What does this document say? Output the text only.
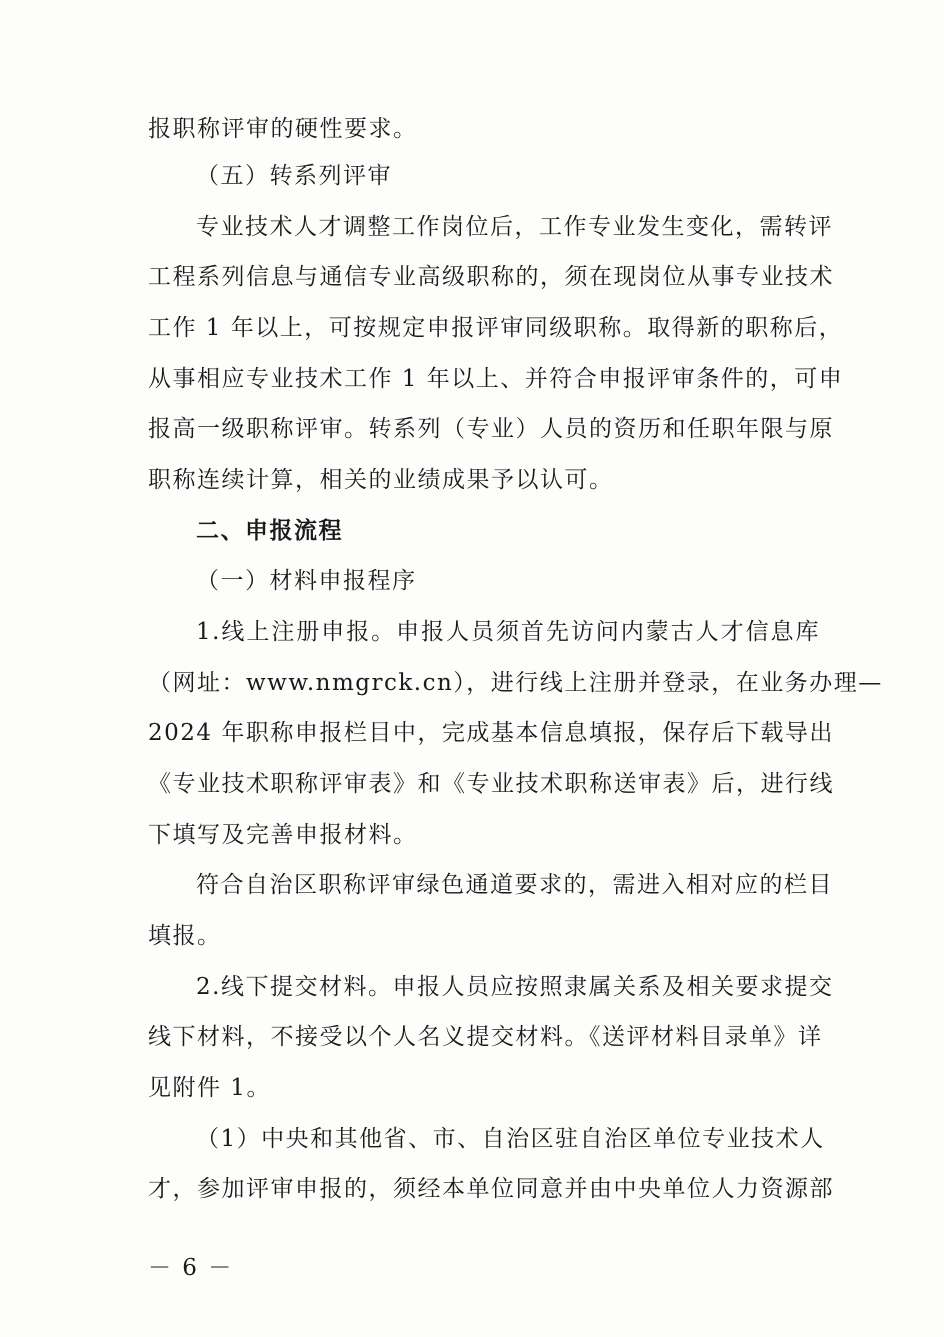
报职称评审的硬性要求。
（五）转系列评审
专业技术人才调整工作岗位后，工作专业发生变化，需转评
工程系列信息与通信专业高级职称的，须在现岗位从事专业技术
工作 1 年以上，可按规定申报评审同级职称。取得新的职称后，
从事相应专业技术工作 1 年以上、并符合申报评审条件的，可申
报高一级职称评审。转系列（专业）人员的资历和任职年限与原
职称连续计算，相关的业绩成果予以认可。
二、申报流程
（一）材料申报程序
1.线上注册申报。申报人员须首先访问内蒙古人才信息库
（网址：www.nmgrck.cn），进行线上注册并登录，在业务办理—
2024 年职称申报栏目中，完成基本信息填报，保存后下载导出
《专业技术职称评审表》和《专业技术职称送审表》后，进行线
下填写及完善申报材料。
符合自治区职称评审绿色通道要求的，需进入相对应的栏目
填报。
2.线下提交材料。申报人员应按照隶属关系及相关要求提交
线下材料，不接受以个人名义提交材料。《送评材料目录单》详
见附件 1。
（1）中央和其他省、市、自治区驻自治区单位专业技术人
才，参加评审申报的，须经本单位同意并由中央单位人力资源部
－ 6 －
